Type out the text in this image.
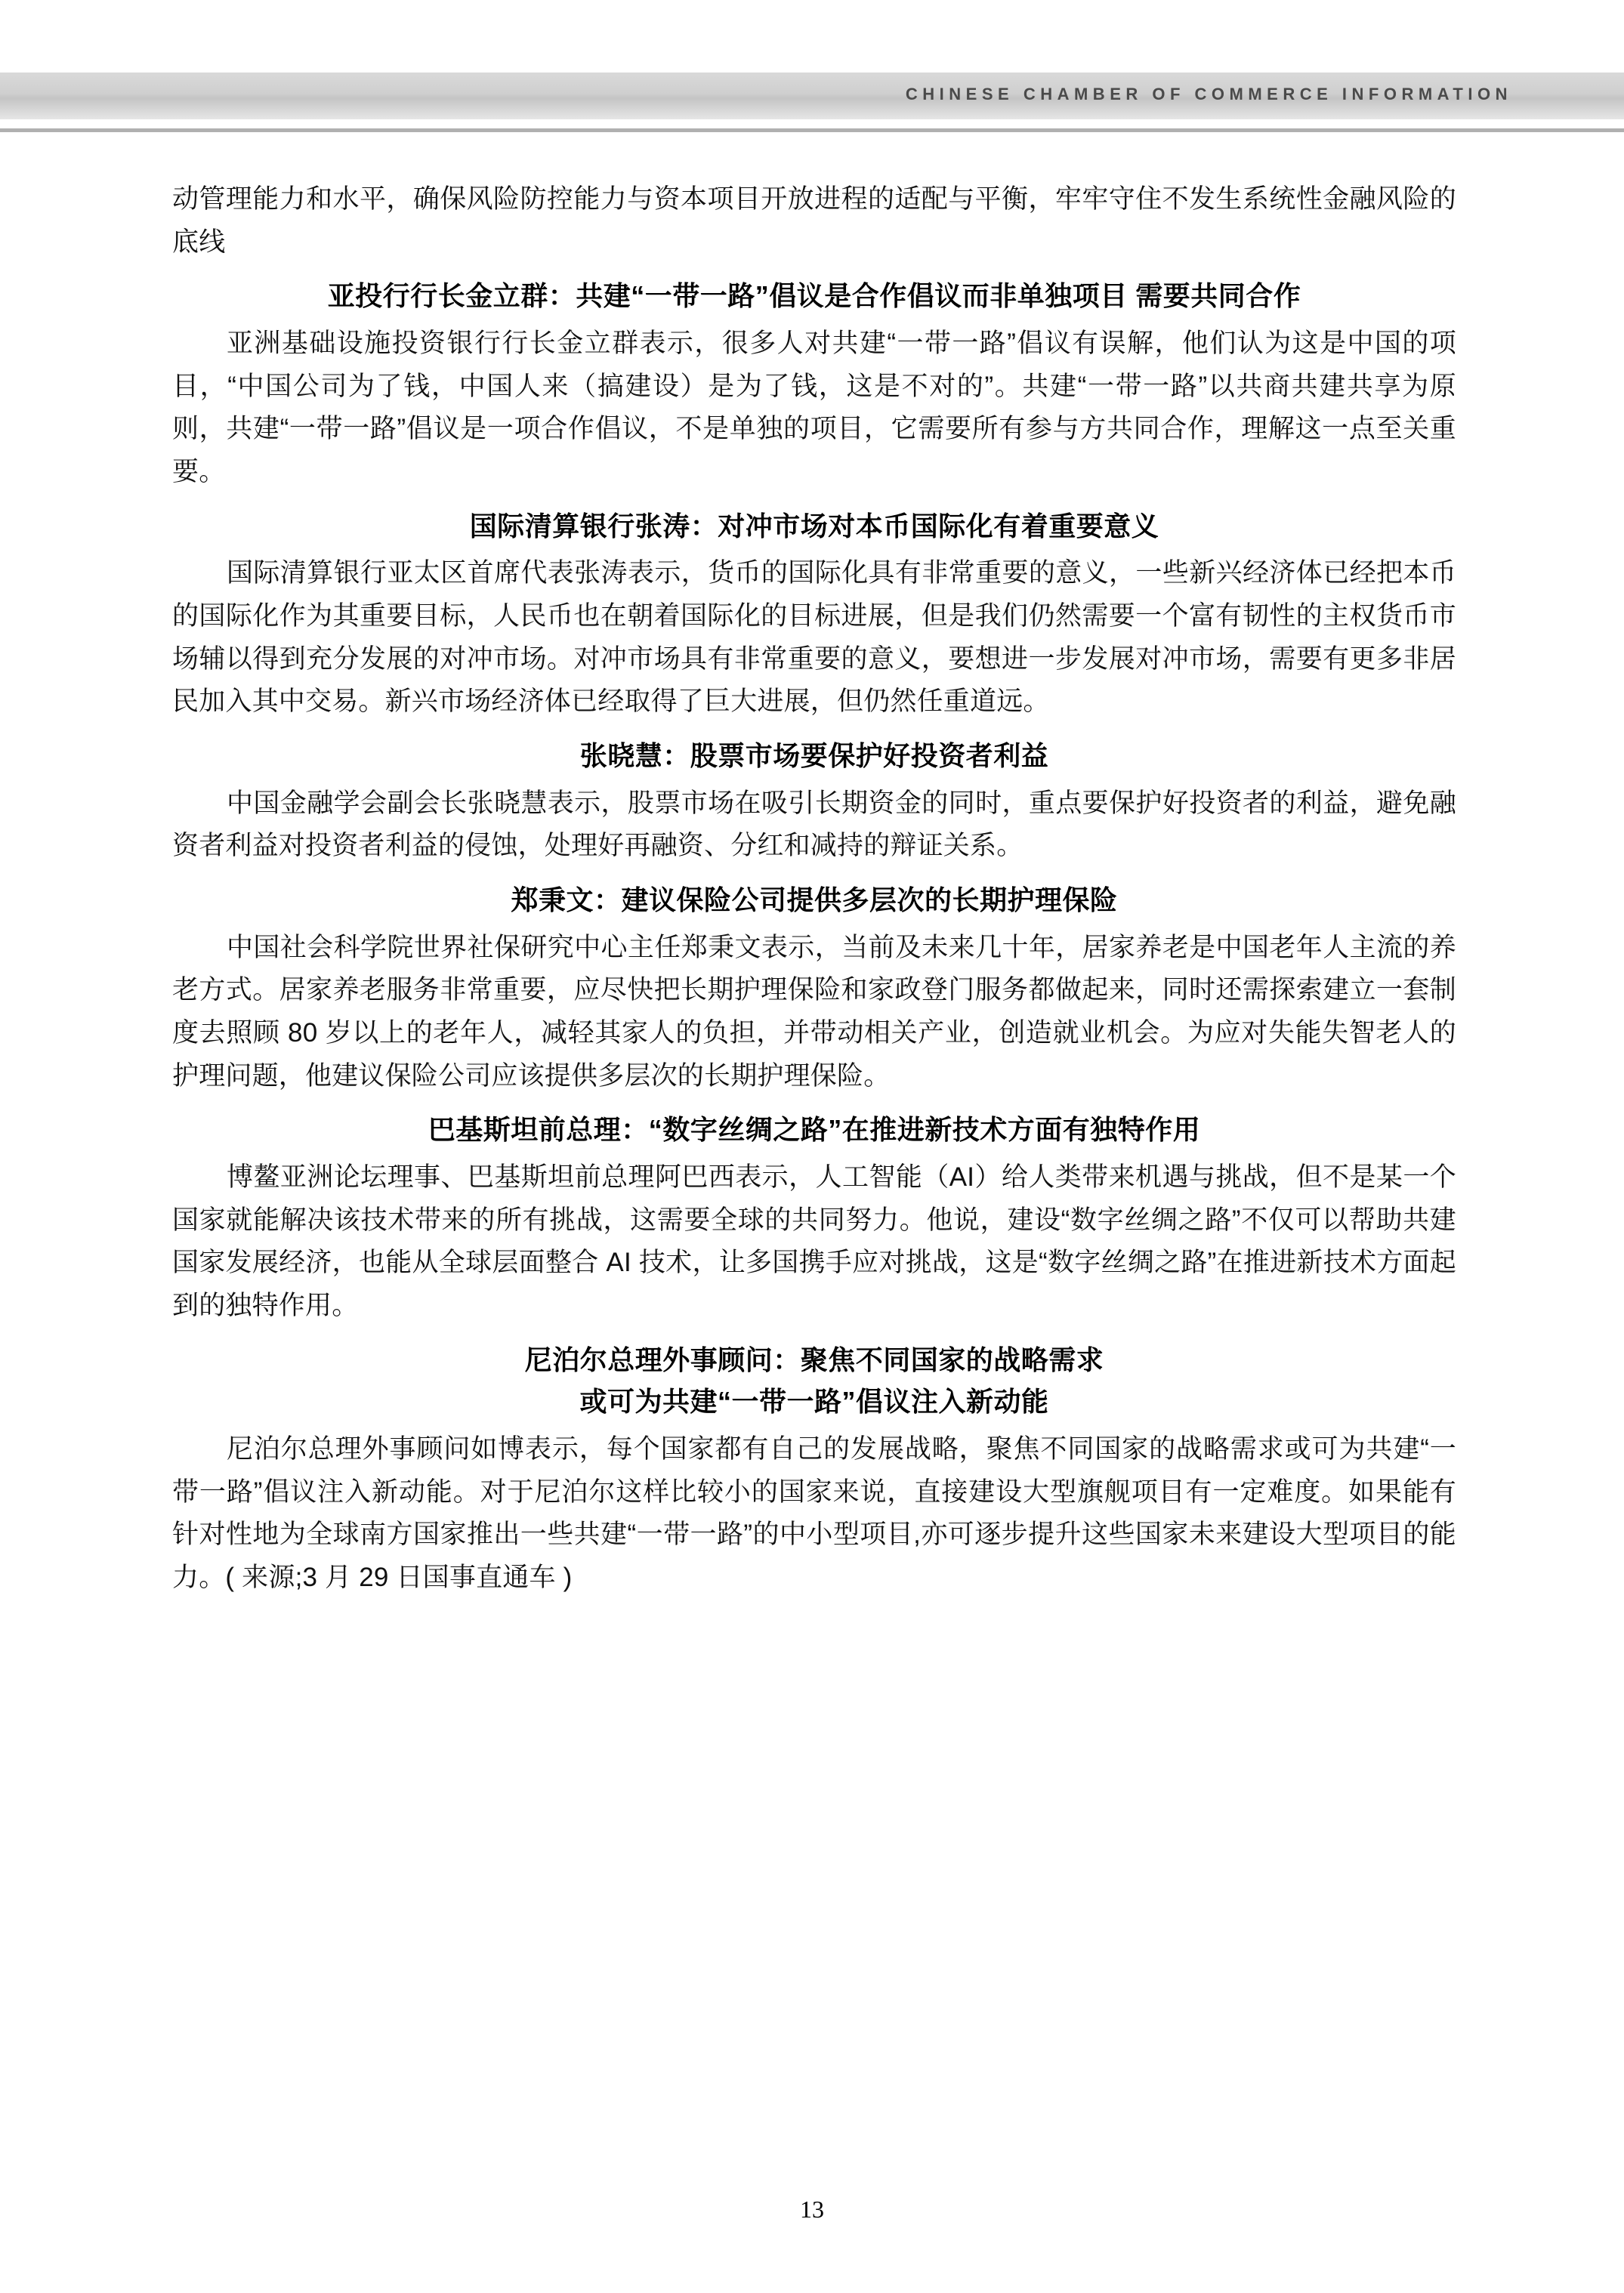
CHINESE CHAMBER OF COMMERCE INFORMATION

动管理能力和水平，确保风险防控能力与资本项目开放进程的适配与平衡，牢牢守住不发生系统性金融风险的底线

亚投行行长金立群：共建“一带一路”倡议是合作倡议而非单独项目 需要共同合作

亚洲基础设施投资银行行长金立群表示，很多人对共建“一带一路”倡议有误解，他们认为这是中国的项目，“中国公司为了钱，中国人来（搞建设）是为了钱，这是不对的”。共建“一带一路”以共商共建共享为原则，共建“一带一路”倡议是一项合作倡议，不是单独的项目，它需要所有参与方共同合作，理解这一点至关重要。

国际清算银行张涛：对冲市场对本币国际化有着重要意义

国际清算银行亚太区首席代表张涛表示，货币的国际化具有非常重要的意义，一些新兴经济体已经把本币的国际化作为其重要目标，人民币也在朝着国际化的目标进展，但是我们仍然需要一个富有韧性的主权货币市场辅以得到充分发展的对冲市场。对冲市场具有非常重要的意义，要想进一步发展对冲市场，需要有更多非居民加入其中交易。新兴市场经济体已经取得了巨大进展，但仍然任重道远。

张晓慧：股票市场要保护好投资者利益

中国金融学会副会长张晓慧表示，股票市场在吸引长期资金的同时，重点要保护好投资者的利益，避免融资者利益对投资者利益的侵蚀，处理好再融资、分红和减持的辩证关系。

郑秉文：建议保险公司提供多层次的长期护理保险

中国社会科学院世界社保研究中心主任郑秉文表示，当前及未来几十年，居家养老是中国老年人主流的养老方式。居家养老服务非常重要，应尽快把长期护理保险和家政登门服务都做起来，同时还需探索建立一套制度去照顾 80 岁以上的老年人，减轻其家人的负担，并带动相关产业，创造就业机会。为应对失能失智老人的护理问题，他建议保险公司应该提供多层次的长期护理保险。

巴基斯坦前总理：“数字丝绸之路”在推进新技术方面有独特作用

博鳌亚洲论坛理事、巴基斯坦前总理阿巴西表示，人工智能（AI）给人类带来机遇与挑战，但不是某一个国家就能解决该技术带来的所有挑战，这需要全球的共同努力。他说，建设“数字丝绸之路”不仅可以帮助共建国家发展经济，也能从全球层面整合 AI 技术，让多国携手应对挑战，这是“数字丝绸之路”在推进新技术方面起到的独特作用。

尼泊尔总理外事顾问：聚焦不同国家的战略需求
或可为共建“一带一路”倡议注入新动能

尼泊尔总理外事顾问如博表示，每个国家都有自己的发展战略，聚焦不同国家的战略需求或可为共建“一带一路”倡议注入新动能。对于尼泊尔这样比较小的国家来说，直接建设大型旗舰项目有一定难度。如果能有针对性地为全球南方国家推出一些共建“一带一路”的中小型项目,亦可逐步提升这些国家未来建设大型项目的能力。( 来源;3 月 29 日国事直通车 )

13
